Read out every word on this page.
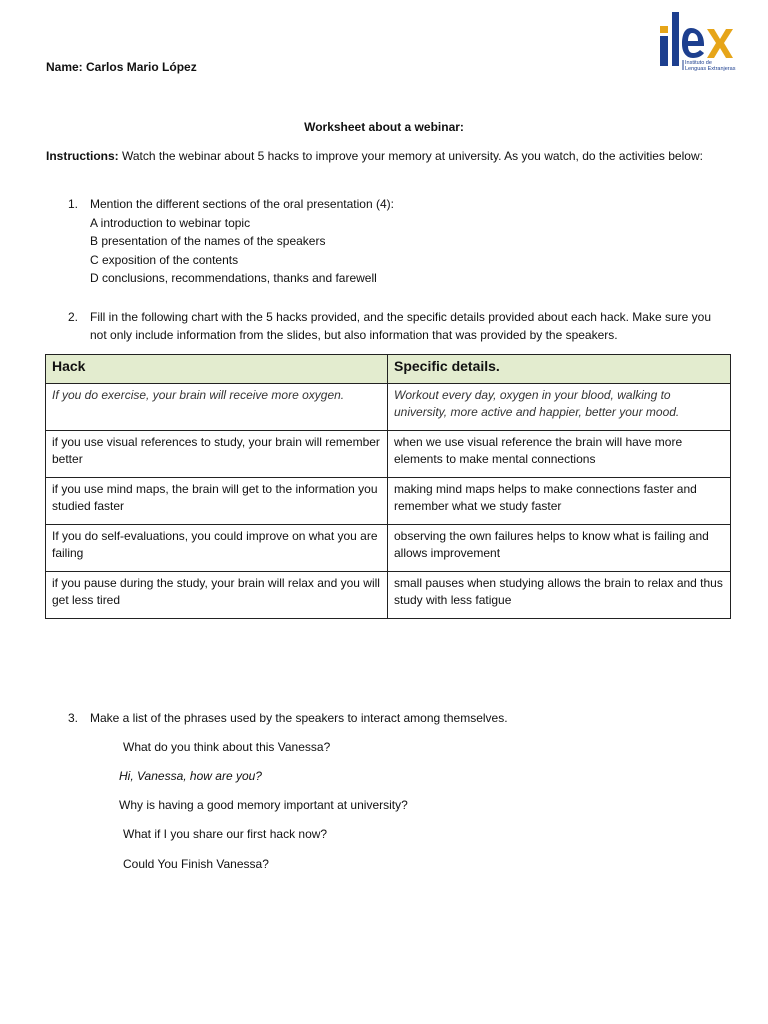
Instituto de
Lenguas Extranjeras
Name: Carlos Mario López
Worksheet about a webinar:
Instructions: Watch the webinar about 5 hacks to improve your memory at university. As you watch, do the activities below:
1. Mention the different sections of the oral presentation (4):
A introduction to webinar topic
B presentation of the names of the speakers
C exposition of the contents
D conclusions, recommendations, thanks and farewell
2. Fill in the following chart with the 5 hacks provided, and the specific details provided about each hack. Make sure you not only include information from the slides, but also information that was provided by the speakers.
Hack	Specific details.
If you do exercise, your brain will receive more oxygen.	Workout every day, oxygen in your blood, walking to university, more active and happier, better your mood.
if you use visual references to study, your brain will remember better	when we use visual reference the brain will have more elements to make mental connections
if you use mind maps, the brain will get to the information you studied faster	making mind maps helps to make connections faster and remember what we study faster
If you do self-evaluations, you could improve on what you are failing	observing the own failures helps to know what is failing and allows improvement
if you pause during the study, your brain will relax and you will get less tired	small pauses when studying allows the brain to relax and thus study with less fatigue
3. Make a list of the phrases used by the speakers to interact among themselves.
What do you think about this Vanessa?
Hi, Vanessa, how are you?
Why is having a good memory important at university?
What if I you share our first hack now?
Could You Finish Vanessa?
